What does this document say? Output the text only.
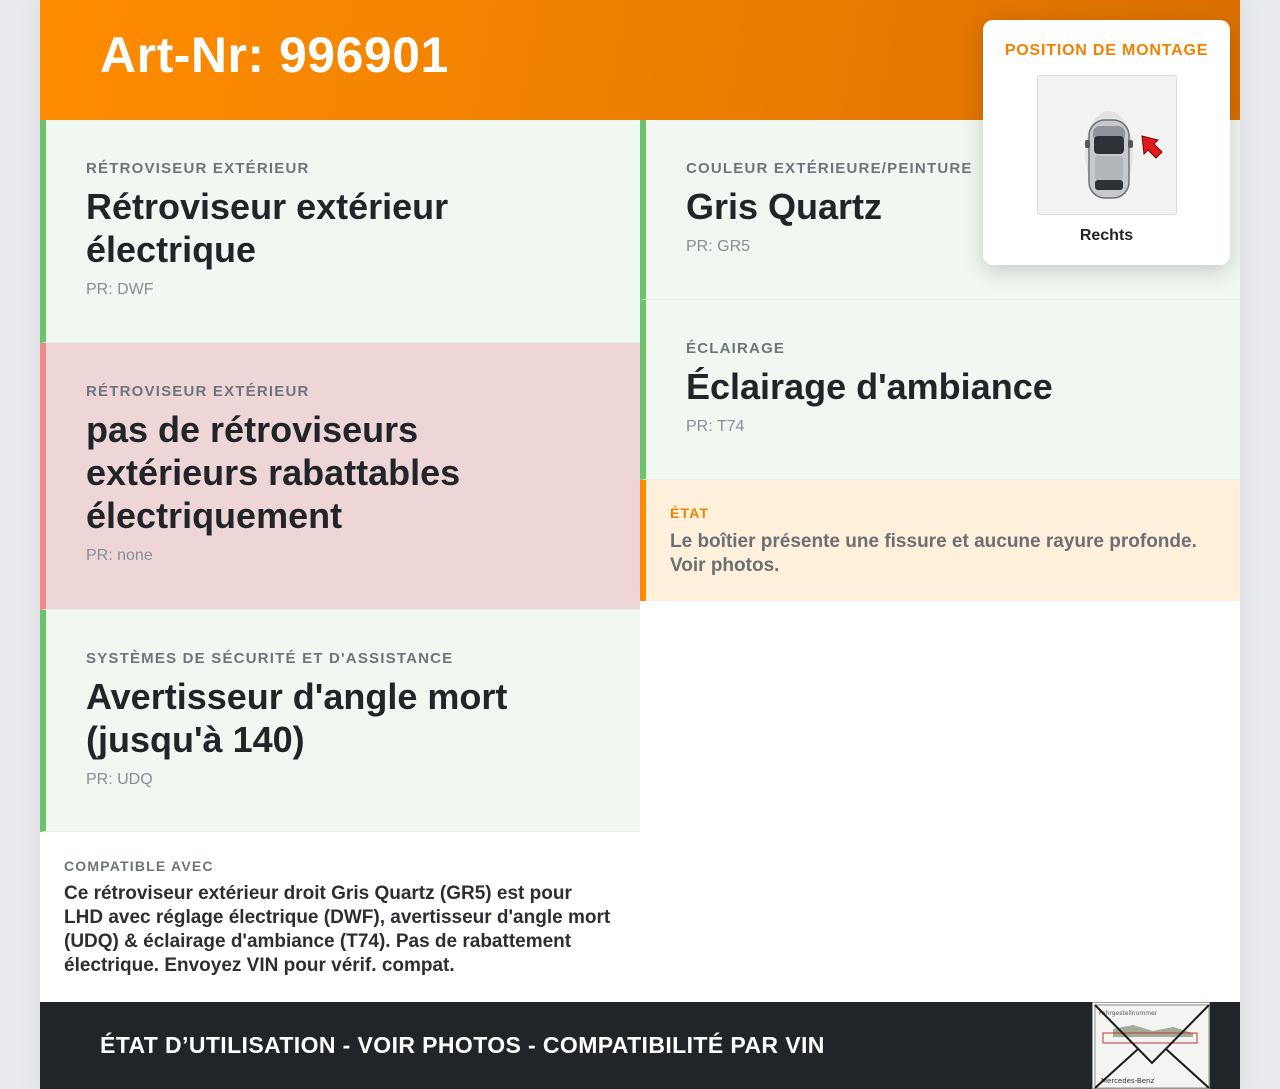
Art-Nr: 996901
RÉTROVISEUR EXTÉRIEUR
Rétroviseur extérieur électrique
PR: DWF
RÉTROVISEUR EXTÉRIEUR
pas de rétroviseurs extérieurs rabattables électriquement
PR: none
SYSTÈMES DE SÉCURITÉ ET D'ASSISTANCE
Avertisseur d'angle mort (jusqu'à 140)
PR: UDQ
COMPATIBLE AVEC
Ce rétroviseur extérieur droit Gris Quartz (GR5) est pour LHD avec réglage électrique (DWF), avertisseur d'angle mort (UDQ) & éclairage d'ambiance (T74). Pas de rabattement électrique. Envoyez VIN pour vérif. compat.
COULEUR EXTÉRIEURE/PEINTURE
Gris Quartz
PR: GR5
ÉCLAIRAGE
Éclairage d'ambiance
PR: T74
ÉTAT
Le boîtier présente une fissure et aucune rayure profonde. Voir photos.
POSITION DE MONTAGE
Rechts
ÉTAT D’UTILISATION - VOIR PHOTOS - COMPATIBILITÉ PAR VIN
Fahrgestellnummer
Mercedes-Benz
